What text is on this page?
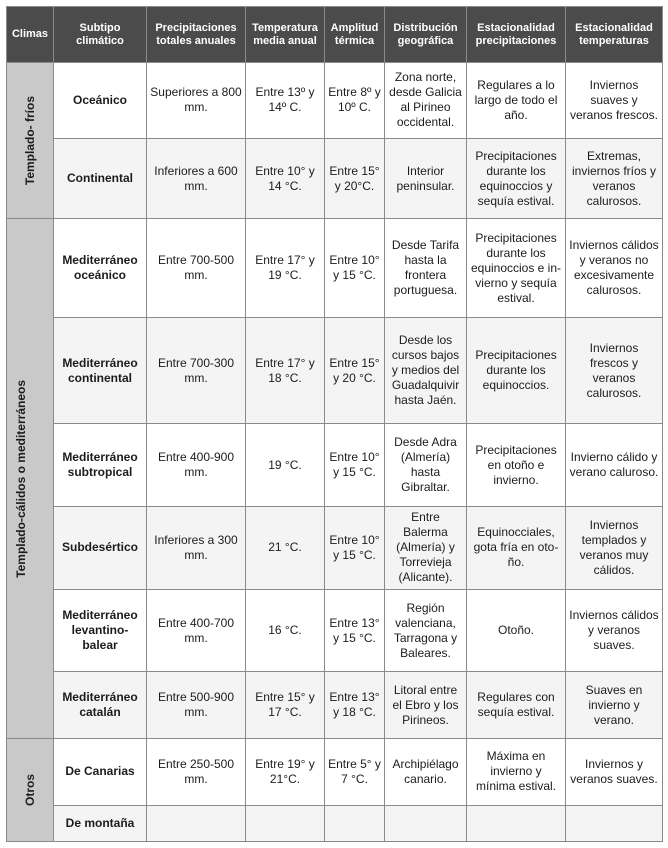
Climas	Subtipo climático	Precipitaciones totales anuales	Temperatura media anual	Amplitud térmica	Distribución geográfica	Estacionalidad precipitaciones	Estacionalidad temperaturas

Templado- fríos	Oceánico	Superiores a 800 mm.	Entre 13º y 14º C.	Entre 8º y 10º C.	Zona norte, desde Galicia al Pirineo occidental.	Regulares a lo largo de todo el año.	Inviernos suaves y veranos frescos.
	Continental	Inferiores a 600 mm.	Entre 10° y 14 °C.	Entre 15° y 20°C.	Interior peninsular.	Precipitaciones durante los equinoccios y sequía estival.	Extremas, inviernos fríos y veranos calurosos.

Templado-cálidos o mediterráneos	Mediterráneo oceánico	Entre 700-500 mm.	Entre 17° y 19 °C.	Entre 10° y 15 °C.	Desde Tarifa hasta la frontera portuguesa.	Precipitaciones durante los equinoccios e in-vierno y sequía estival.	Inviernos cálidos y veranos no excesivamente calurosos.
	Mediterráneo continental	Entre 700-300 mm.	Entre 17° y 18 °C.	Entre 15° y 20 °C.	Desde los cursos bajos y medios del Guadalquivir hasta Jaén.	Precipitaciones durante los equinoccios.	Inviernos frescos y veranos calurosos.
	Mediterráneo subtropical	Entre 400-900 mm.	19 °C.	Entre 10° y 15 °C.	Desde Adra (Almería) hasta Gibraltar.	Precipitaciones en otoño e invierno.	Invierno cálido y verano caluroso.
	Subdesértico	Inferiores a 300 mm.	21 °C.	Entre 10° y 15 °C.	Entre Balerma (Almería) y Torrevieja (Alicante).	Equinocciales, gota fría en oto-ño.	Inviernos templados y veranos muy cálidos.
	Mediterráneo levantino-balear	Entre 400-700 mm.	16 °C.	Entre 13° y 15 °C.	Región valenciana, Tarragona y Baleares.	Otoño.	Inviernos cálidos y veranos suaves.
	Mediterráneo catalán	Entre 500-900 mm.	Entre 15° y 17 °C.	Entre 13° y 18 °C.	Litoral entre el Ebro y los Pirineos.	Regulares con sequía estival.	Suaves en invierno y verano.

Otros	De Canarias	Entre 250-500 mm.	Entre 19° y 21°C.	Entre 5° y 7 °C.	Archipiélago canario.	Máxima en invierno y mínima estival.	Inviernos y veranos suaves.
	De montaña						
